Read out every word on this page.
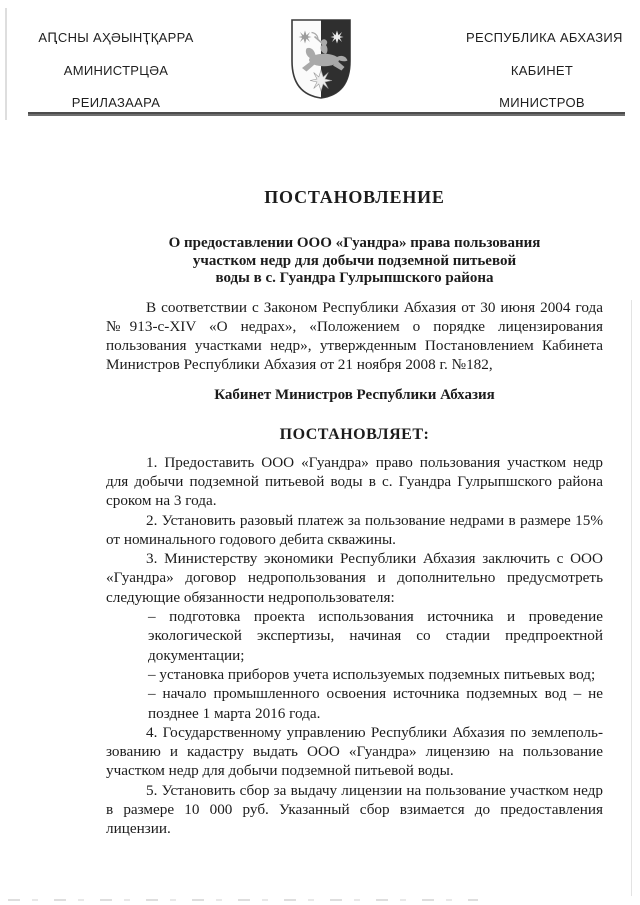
АԤСНЫ АҲӘЫНҬҚАРРА
АМИНИСТРЦӘА
РЕИЛАЗААРА
РЕСПУБЛИКА АБХАЗИЯ
КАБИНЕТ
МИНИСТРОВ
ПОСТАНОВЛЕНИЕ
О предоставлении ООО «Гуандра» права пользования
участком недр для добычи подземной питьевой
воды в с. Гуандра Гулрыпшского района

В соответствии с Законом Республики Абхазия от 30 июня 2004 года №913-с-XIV «О недрах», «Положением о порядке лицензирования пользования участками недр», утвержденным Постановлением Кабинета Министров Республики Абхазия от 21 ноября 2008 г. №182,

Кабинет Министров Республики Абхазия
ПОСТАНОВЛЯЕТ:

1. Предоставить ООО «Гуандра» право пользования участком недр для добычи подземной питьевой воды в с. Гуандра Гулрыпшского района сроком на 3 года.

2. Установить разовый платеж за пользование недрами в размере 15% от номинального годового дебита скважины.

3. Министерству экономики Республики Абхазия заключить с ООО «Гуандра» договор недропользования и дополнительно предусмотреть следующие обязанности недропользователя:

– подготовка проекта использования источника и проведение экологической экспертизы, начиная со стадии предпроектной документации;

– установка приборов учета используемых подземных питьевых вод;

– начало промышленного освоения источника подземных вод – не позднее 1 марта 2016 года.

4. Государственному управлению Республики Абхазия по землепользованию и кадастру выдать ООО «Гуандра» лицензию на пользование участком недр для добычи подземной питьевой воды.

5. Установить сбор за выдачу лицензии на пользование участком недр в размере 10 000 руб. Указанный сбор взимается до предоставления лицензии.
